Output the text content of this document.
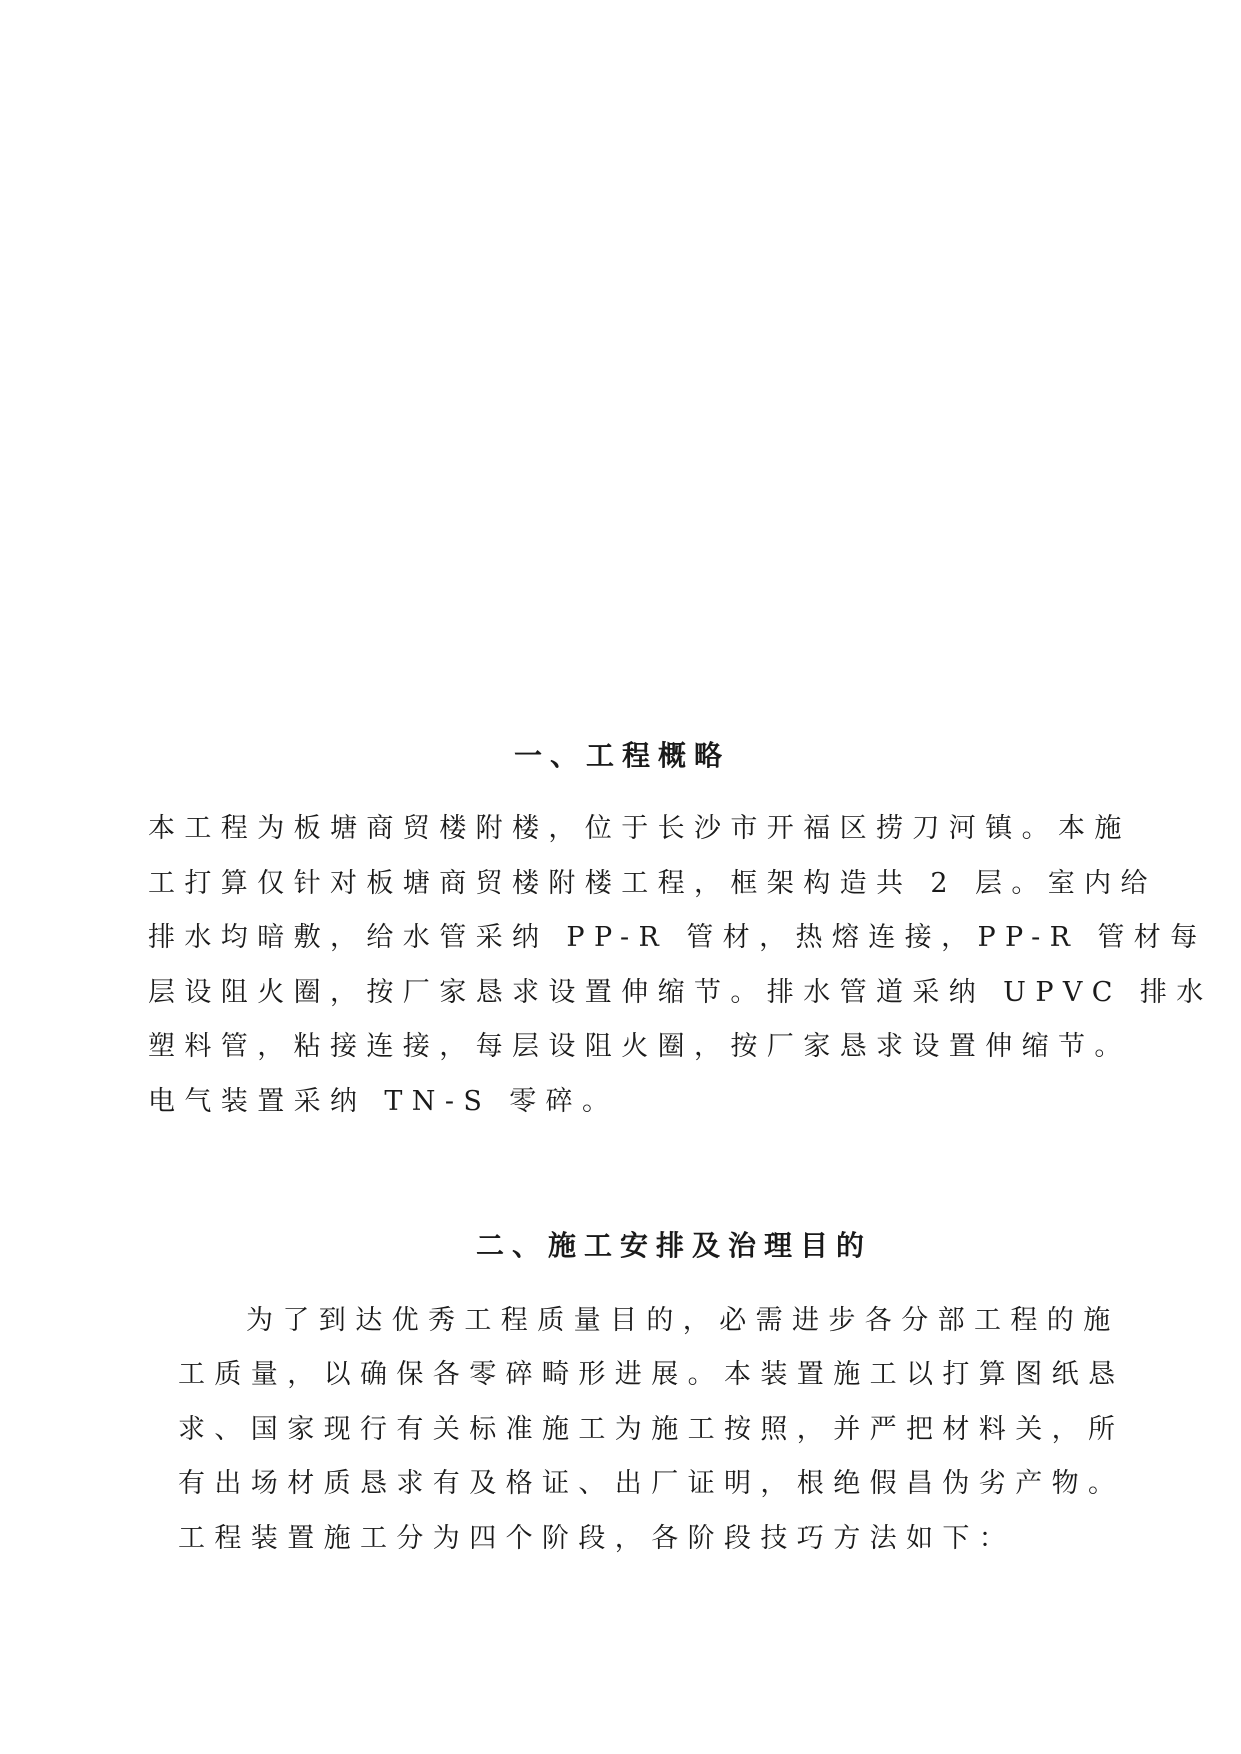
一、工程概略
本工程为板塘商贸楼附楼，位于长沙市开福区捞刀河镇。本施
工打算仅针对板塘商贸楼附楼工程，框架构造共 2 层。室内给
排水均暗敷，给水管采纳 PP-R 管材，热熔连接，PP-R 管材每
层设阻火圈，按厂家恳求设置伸缩节。排水管道采纳 UPVC 排水
塑料管，粘接连接，每层设阻火圈，按厂家恳求设置伸缩节。
电气装置采纳 TN-S 零碎。
二、施工安排及治理目的
为了到达优秀工程质量目的，必需进步各分部工程的施
工质量，以确保各零碎畸形进展。本装置施工以打算图纸恳
求、国家现行有关标准施工为施工按照，并严把材料关，所
有出场材质恳求有及格证、出厂证明，根绝假昌伪劣产物。
工程装置施工分为四个阶段，各阶段技巧方法如下：
